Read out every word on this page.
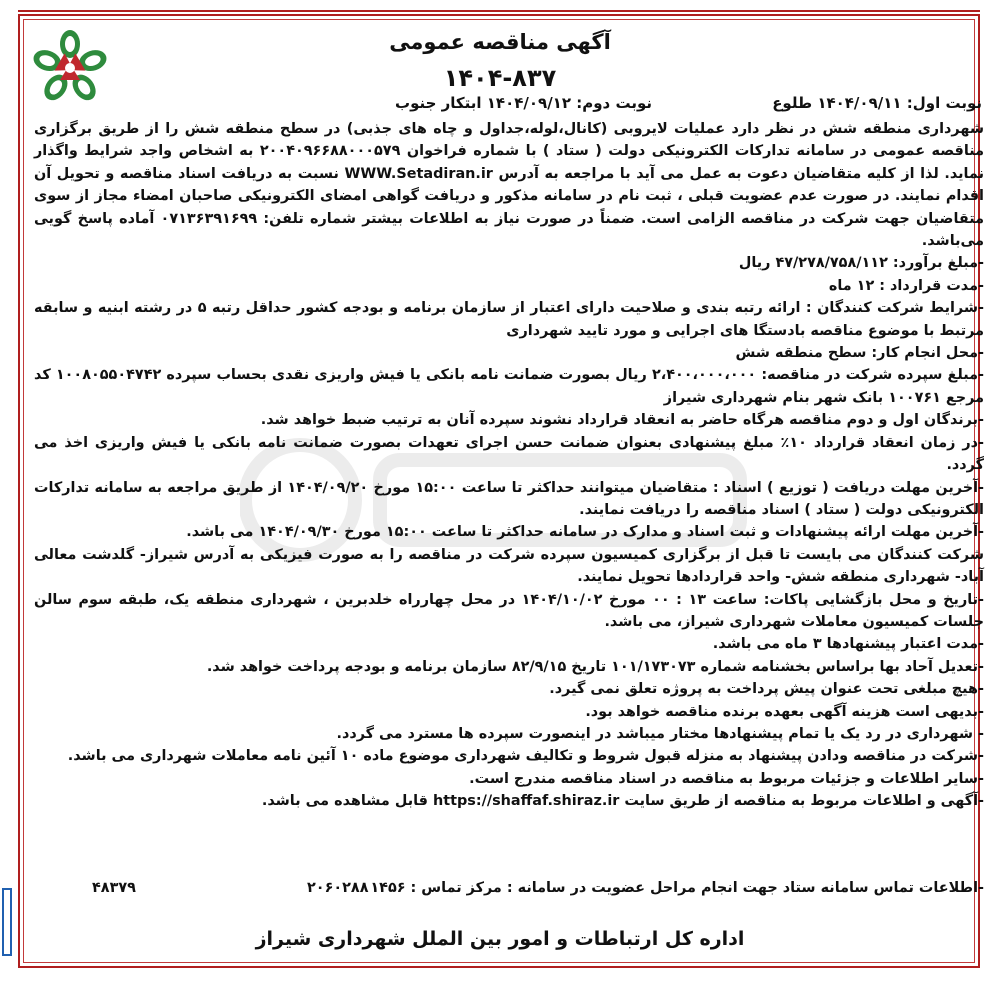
آگهی مناقصه عمومی
۱۴۰۴-۸۳۷
نوبت اول: ۱۴۰۴/۰۹/۱۱ طلوع
نوبت دوم: ۱۴۰۴/۰۹/۱۲ ابتکار جنوب

شهرداری منطقه شش در نظر دارد عملیات لایروبی (کانال،لوله،جداول و چاه های جذبی) در سطح منطقه شش را از طریق برگزاری مناقصه عمومی در سامانه تدارکات الکترونیکی دولت ( ستاد ) با شماره فراخوان ۲۰۰۴۰۹۶۶۸۸۰۰۰۵۷۹ به اشخاص واجد شرایط واگذار نماید. لذا از کلیه متقاضیان دعوت به عمل می آید با مراجعه به آدرس WWW.Setadiran.ir نسبت به دریافت اسناد مناقصه و تحویل آن اقدام نمایند. در صورت عدم عضویت قبلی ، ثبت نام در سامانه مذکور و دریافت گواهی امضای الکترونیکی صاحبان امضاء مجاز از سوی متقاضیان جهت شرکت در مناقصه الزامی است. ضمناً در صورت نیاز به اطلاعات بیشتر شماره تلفن: ۰۷۱۳۶۳۹۱۶۹۹ آماده پاسخ گویی می‌باشد.

-مبلغ برآورد: ۴۷/۲۷۸/۷۵۸/۱۱۲ ریال

-مدت قرارداد : ۱۲ ماه

-شرایط شرکت کنندگان : ارائه رتبه بندی و صلاحیت دارای اعتبار از سازمان برنامه و بودجه کشور حداقل رتبه ۵ در رشته ابنیه و سابقه مرتبط با موضوع مناقصه بادستگا های اجرایی و مورد تایید شهرداری

-محل انجام کار: سطح منطقه شش

-مبلغ سپرده شرکت در مناقصه: ۲،۴۰۰،۰۰۰،۰۰۰ ریال بصورت ضمانت نامه بانکی یا فیش واریزی نقدی بحساب سپرده ۱۰۰۸۰۵۵۰۴۷۴۲ کد مرجع ۱۰۰۷۶۱ بانک شهر بنام شهرداری شیراز

-برندگان اول و دوم مناقصه هرگاه حاضر به انعقاد قرارداد نشوند سپرده آنان به ترتیب ضبط خواهد شد.

-در زمان انعقاد قرارداد ۱۰٪ مبلغ پیشنهادی بعنوان ضمانت حسن اجرای تعهدات بصورت ضمانت نامه بانکی یا فیش واریزی اخذ می گردد.

-آخرین مهلت دریافت ( توزیع ) اسناد : متقاضیان میتوانند حداکثر تا ساعت ۱۵:۰۰ مورخ ۱۴۰۴/۰۹/۲۰ از طریق مراجعه به سامانه تدارکات الکترونیکی دولت ( ستاد ) اسناد مناقصه را دریافت نمایند.

-آخرین مهلت ارائه پیشنهادات و ثبت اسناد و مدارک در سامانه حداکثر تا ساعت ۱۵:۰۰ مورخ ۱۴۰۴/۰۹/۳۰ می باشد.

شرکت کنندگان می بایست تا قبل از برگزاری کمیسیون سپرده شرکت در مناقصه را به صورت فیزیکی به آدرس شیراز- گلدشت معالی آباد- شهرداری منطقه شش- واحد قراردادها تحویل نمایند.

-تاریخ و محل بازگشایی پاکات: ساعت ۱۳ : ۰۰ مورخ ۱۴۰۴/۱۰/۰۲ در محل چهارراه خلدبرین ، شهرداری منطقه یک، طبقه سوم سالن جلسات کمیسیون معاملات شهرداری شیراز، می باشد.

-مدت اعتبار پیشنهادها ۳ ماه می باشد.

-تعدیل آحاد بها براساس بخشنامه شماره ۱۰۱/۱۷۳۰۷۳ تاریخ ۸۲/۹/۱۵ سازمان برنامه و بودجه پرداخت خواهد شد.

-هیچ مبلغی تحت عنوان پیش پرداخت به پروژه تعلق نمی گیرد.

-بدیهی است هزینه آگهی بعهده برنده مناقصه خواهد بود.

- شهرداری در رد یک یا تمام پیشنهادها مختار میباشد در اینصورت سپرده ها مسترد می گردد.

-شرکت در مناقصه ودادن پیشنهاد به منزله قبول شروط و تکالیف شهرداری موضوع ماده ۱۰ آئین نامه معاملات شهرداری می باشد.

-سایر اطلاعات و جزئیات مربوط به مناقصه در اسناد مناقصه مندرج است.

-آگهی و اطلاعات مربوط به مناقصه از طریق سایت https://shaffaf.shiraz.ir قابل مشاهده می باشد.

-اطلاعات تماس سامانه ستاد جهت انجام مراحل عضویت در سامانه : مرکز تماس : ۱۴۵۶
۲۰۶۰۲۸۸
۴۸۳۷۹
اداره کل ارتباطات و امور بین الملل شهرداری شیراز
